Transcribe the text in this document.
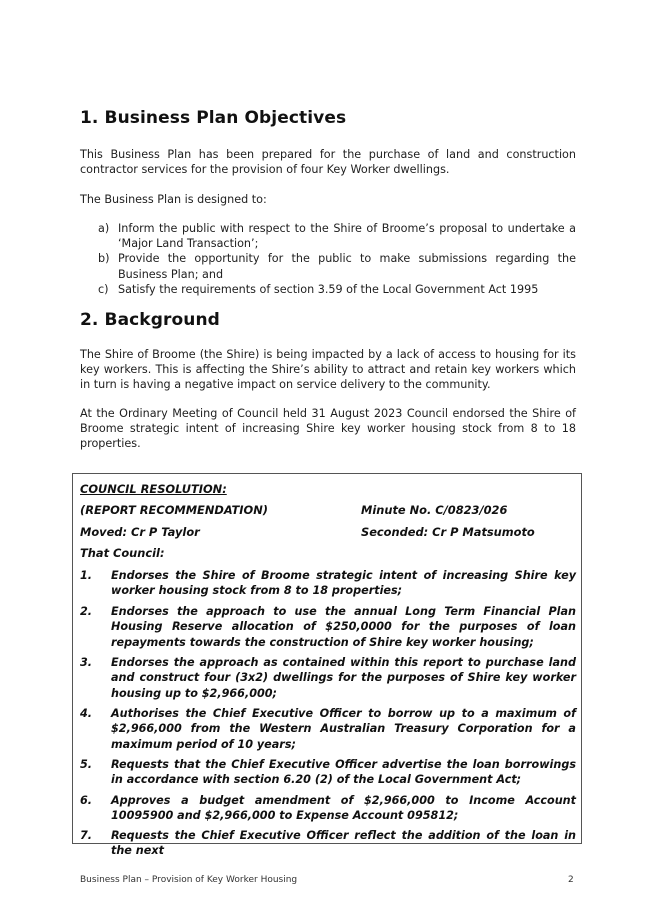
1. Business Plan Objectives
This Business Plan has been prepared for the purchase of land and construction contractor services for the provision of four Key Worker dwellings.
The Business Plan is designed to:
a) Inform the public with respect to the Shire of Broome’s proposal to undertake a ‘Major Land Transaction’;
b) Provide the opportunity for the public to make submissions regarding the Business Plan; and
c) Satisfy the requirements of section 3.59 of the Local Government Act 1995
2. Background
The Shire of Broome (the Shire) is being impacted by a lack of access to housing for its key workers. This is affecting the Shire’s ability to attract and retain key workers which in turn is having a negative impact on service delivery to the community.
At the Ordinary Meeting of Council held 31 August 2023 Council endorsed the Shire of Broome strategic intent of increasing Shire key worker housing stock from 8 to 18 properties.
COUNCIL RESOLUTION:
(REPORT RECOMMENDATION)	Minute No. C/0823/026
Moved: Cr P Taylor	Seconded: Cr P Matsumoto
That Council:
1.	Endorses the Shire of Broome strategic intent of increasing Shire key worker housing stock from 8 to 18 properties;
2.	Endorses the approach to use the annual Long Term Financial Plan Housing Reserve allocation of $250,0000 for the purposes of loan repayments towards the construction of Shire key worker housing;
3.	Endorses the approach as contained within this report to purchase land and construct four (3x2) dwellings for the purposes of Shire key worker housing up to $2,966,000;
4.	Authorises the Chief Executive Officer to borrow up to a maximum of $2,966,000 from the Western Australian Treasury Corporation for a maximum period of 10 years;
5.	Requests that the Chief Executive Officer advertise the loan borrowings in accordance with section 6.20 (2) of the Local Government Act;
6.	Approves a budget amendment of $2,966,000 to Income Account 10095900 and $2,966,000 to Expense Account 095812;
7.	Requests the Chief Executive Officer reflect the addition of the loan in the next
Business Plan – Provision of Key Worker Housing	2
